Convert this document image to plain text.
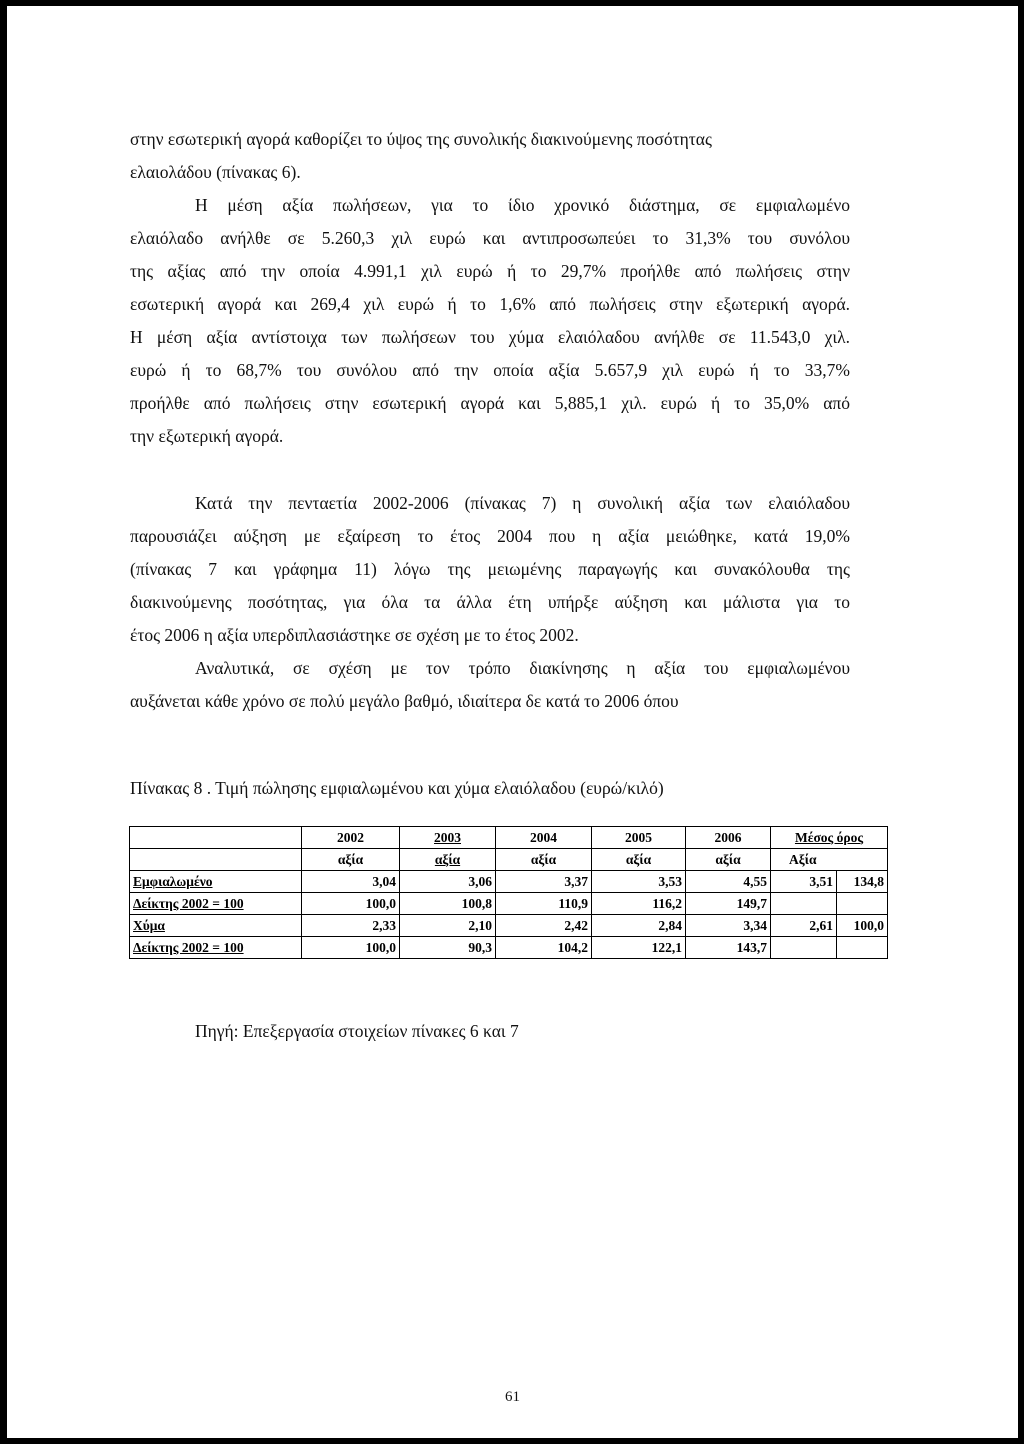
στην εσωτερική αγορά καθορίζει το ύψος της συνολικής διακινούμενης ποσότητας
ελαιολάδου (πίνακας 6).
Η μέση αξία πωλήσεων, για το ίδιο χρονικό διάστημα, σε εμφιαλωμένο
ελαιόλαδο ανήλθε σε 5.260,3 χιλ ευρώ και αντιπροσωπεύει το 31,3% του συνόλου
της αξίας από την οποία 4.991,1 χιλ ευρώ ή το 29,7% προήλθε από πωλήσεις στην
εσωτερική αγορά και 269,4 χιλ ευρώ ή το 1,6% από πωλήσεις στην εξωτερική αγορά.
Η μέση αξία αντίστοιχα των πωλήσεων του χύμα ελαιόλαδου ανήλθε σε 11.543,0 χιλ.
ευρώ ή το 68,7% του συνόλου από την οποία αξία 5.657,9 χιλ ευρώ ή το 33,7%
προήλθε από πωλήσεις στην εσωτερική αγορά και 5,885,1 χιλ. ευρώ ή το 35,0% από
την εξωτερική αγορά.
Κατά την πενταετία 2002-2006 (πίνακας 7) η συνολική αξία των ελαιόλαδου
παρουσιάζει αύξηση με εξαίρεση το έτος 2004 που η αξία μειώθηκε, κατά 19,0%
(πίνακας 7 και γράφημα 11) λόγω της μειωμένης παραγωγής και συνακόλουθα της
διακινούμενης ποσότητας, για όλα τα άλλα έτη υπήρξε αύξηση και μάλιστα για το
έτος 2006 η αξία υπερδιπλασιάστηκε σε σχέση με το έτος 2002.
Αναλυτικά, σε σχέση με τον τρόπο διακίνησης η αξία του εμφιαλωμένου
αυξάνεται κάθε χρόνο σε πολύ μεγάλο βαθμό, ιδιαίτερα δε κατά το 2006 όπου
Πίνακας 8 . Τιμή πώλησης εμφιαλωμένου και χύμα ελαιόλαδου (ευρώ/κιλό)
	2002	2003	2004	2005	2006	Μέσος όρος	
	αξία	αξία	αξία	αξία	αξία	Αξία	
Εμφιαλωμένο	3,04	3,06	3,37	3,53	4,55	3,51	134,8
Δείκτης 2002 = 100	100,0	100,8	110,9	116,2	149,7		
Χύμα	2,33	2,10	2,42	2,84	3,34	2,61	100,0
Δείκτης 2002 = 100	100,0	90,3	104,2	122,1	143,7		
Πηγή: Επεξεργασία στοιχείων πίνακες 6 και 7
61
